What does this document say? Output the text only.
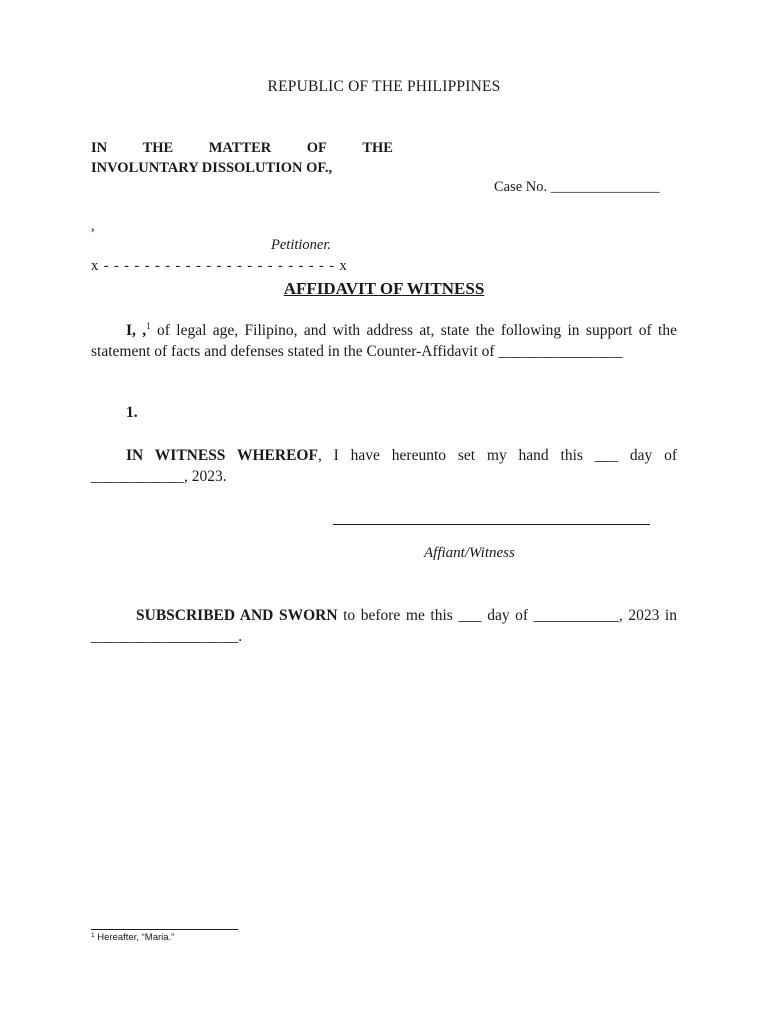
REPUBLIC OF THE PHILIPPINES
IN THE MATTER OF THE
INVOLUNTARY DISSOLUTION OF.,
Case No. _______________
,
Petitioner.
x - - - - - - - - - - - - - - - - - - - - - - - x
AFFIDAVIT OF WITNESS

I, ,$^1$ of legal age, Filipino, and with address at, state the following in support of the statement of facts and defenses stated in the Counter-Affidavit of ________________

1.

IN WITNESS WHEREOF, I have hereunto set my hand this ___ day of ____________, 2023.

Affiant/Witness

SUBSCRIBED AND SWORN to before me this ___ day of ___________, 2023 in ___________________.

$^1$ Hereafter, “Maria.”
